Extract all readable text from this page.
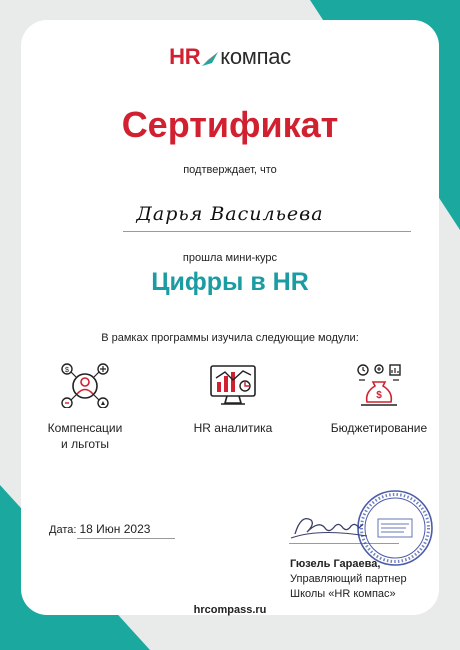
HR компас
Сертификат
подтверждает, что
Дарья Васильева
прошла мини-курс
Цифры в HR
В рамках программы изучила следующие модули:
$
Компенсации
и льготы
HR аналитика
$
Бюджетирование
Дата: 18 Июн 2023
Гюзель Гараева,
Управляющий партнер
Школы «HR компас»
hrcompass.ru
